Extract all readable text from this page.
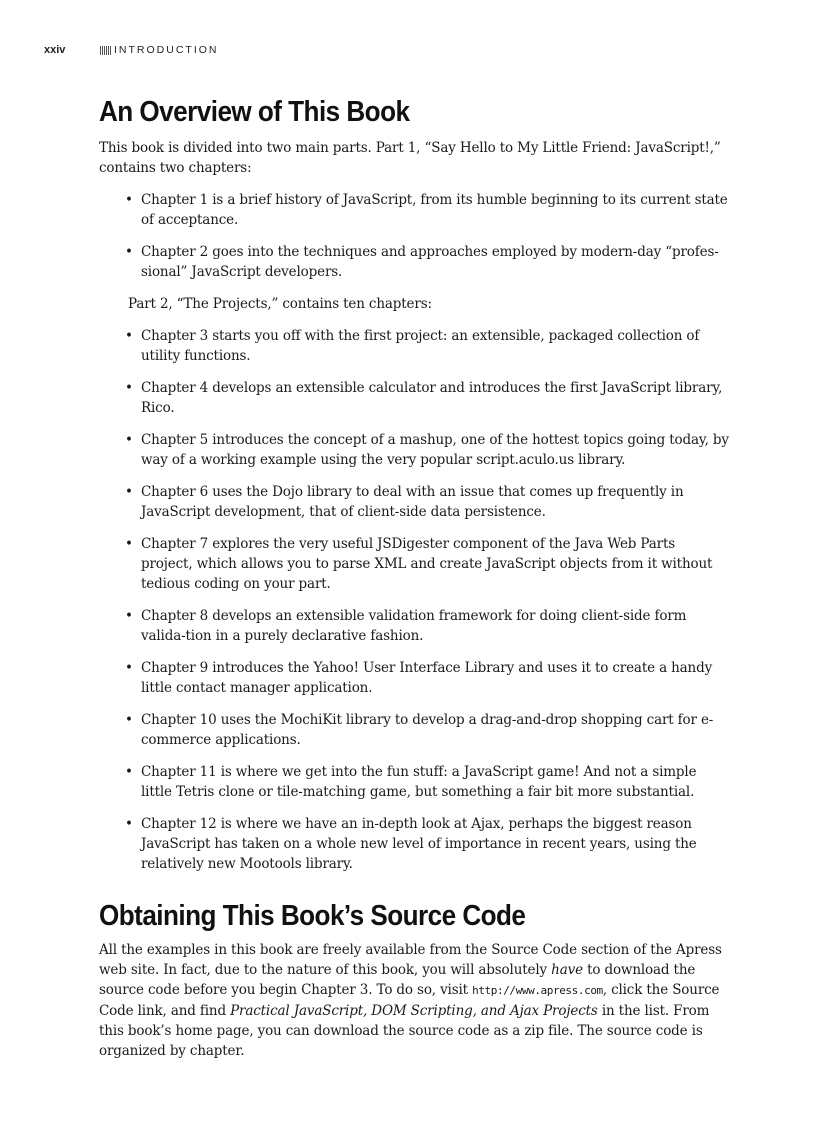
xxiv	INTRODUCTION
An Overview of This Book

This book is divided into two main parts. Part 1, “Say Hello to My Little Friend: JavaScript!,” contains two chapters:

• Chapter 1 is a brief history of JavaScript, from its humble beginning to its current state of acceptance.
• Chapter 2 goes into the techniques and approaches employed by modern-day “profes-sional” JavaScript developers.

Part 2, “The Projects,” contains ten chapters:

• Chapter 3 starts you off with the first project: an extensible, packaged collection of utility functions.
• Chapter 4 develops an extensible calculator and introduces the first JavaScript library, Rico.
• Chapter 5 introduces the concept of a mashup, one of the hottest topics going today, by way of a working example using the very popular script.aculo.us library.
• Chapter 6 uses the Dojo library to deal with an issue that comes up frequently in JavaScript development, that of client-side data persistence.
• Chapter 7 explores the very useful JSDigester component of the Java Web Parts project, which allows you to parse XML and create JavaScript objects from it without tedious coding on your part.
• Chapter 8 develops an extensible validation framework for doing client-side form valida-tion in a purely declarative fashion.
• Chapter 9 introduces the Yahoo! User Interface Library and uses it to create a handy little contact manager application.
• Chapter 10 uses the MochiKit library to develop a drag-and-drop shopping cart for e-commerce applications.
• Chapter 11 is where we get into the fun stuff: a JavaScript game! And not a simple little Tetris clone or tile-matching game, but something a fair bit more substantial.
• Chapter 12 is where we have an in-depth look at Ajax, perhaps the biggest reason JavaScript has taken on a whole new level of importance in recent years, using the relatively new Mootools library.
Obtaining This Book’s Source Code

All the examples in this book are freely available from the Source Code section of the Apress web site. In fact, due to the nature of this book, you will absolutely have to download the source code before you begin Chapter 3. To do so, visit http://www.apress.com, click the Source Code link, and find Practical JavaScript, DOM Scripting, and Ajax Projects in the list. From this book’s home page, you can download the source code as a zip file. The source code is organized by chapter.
